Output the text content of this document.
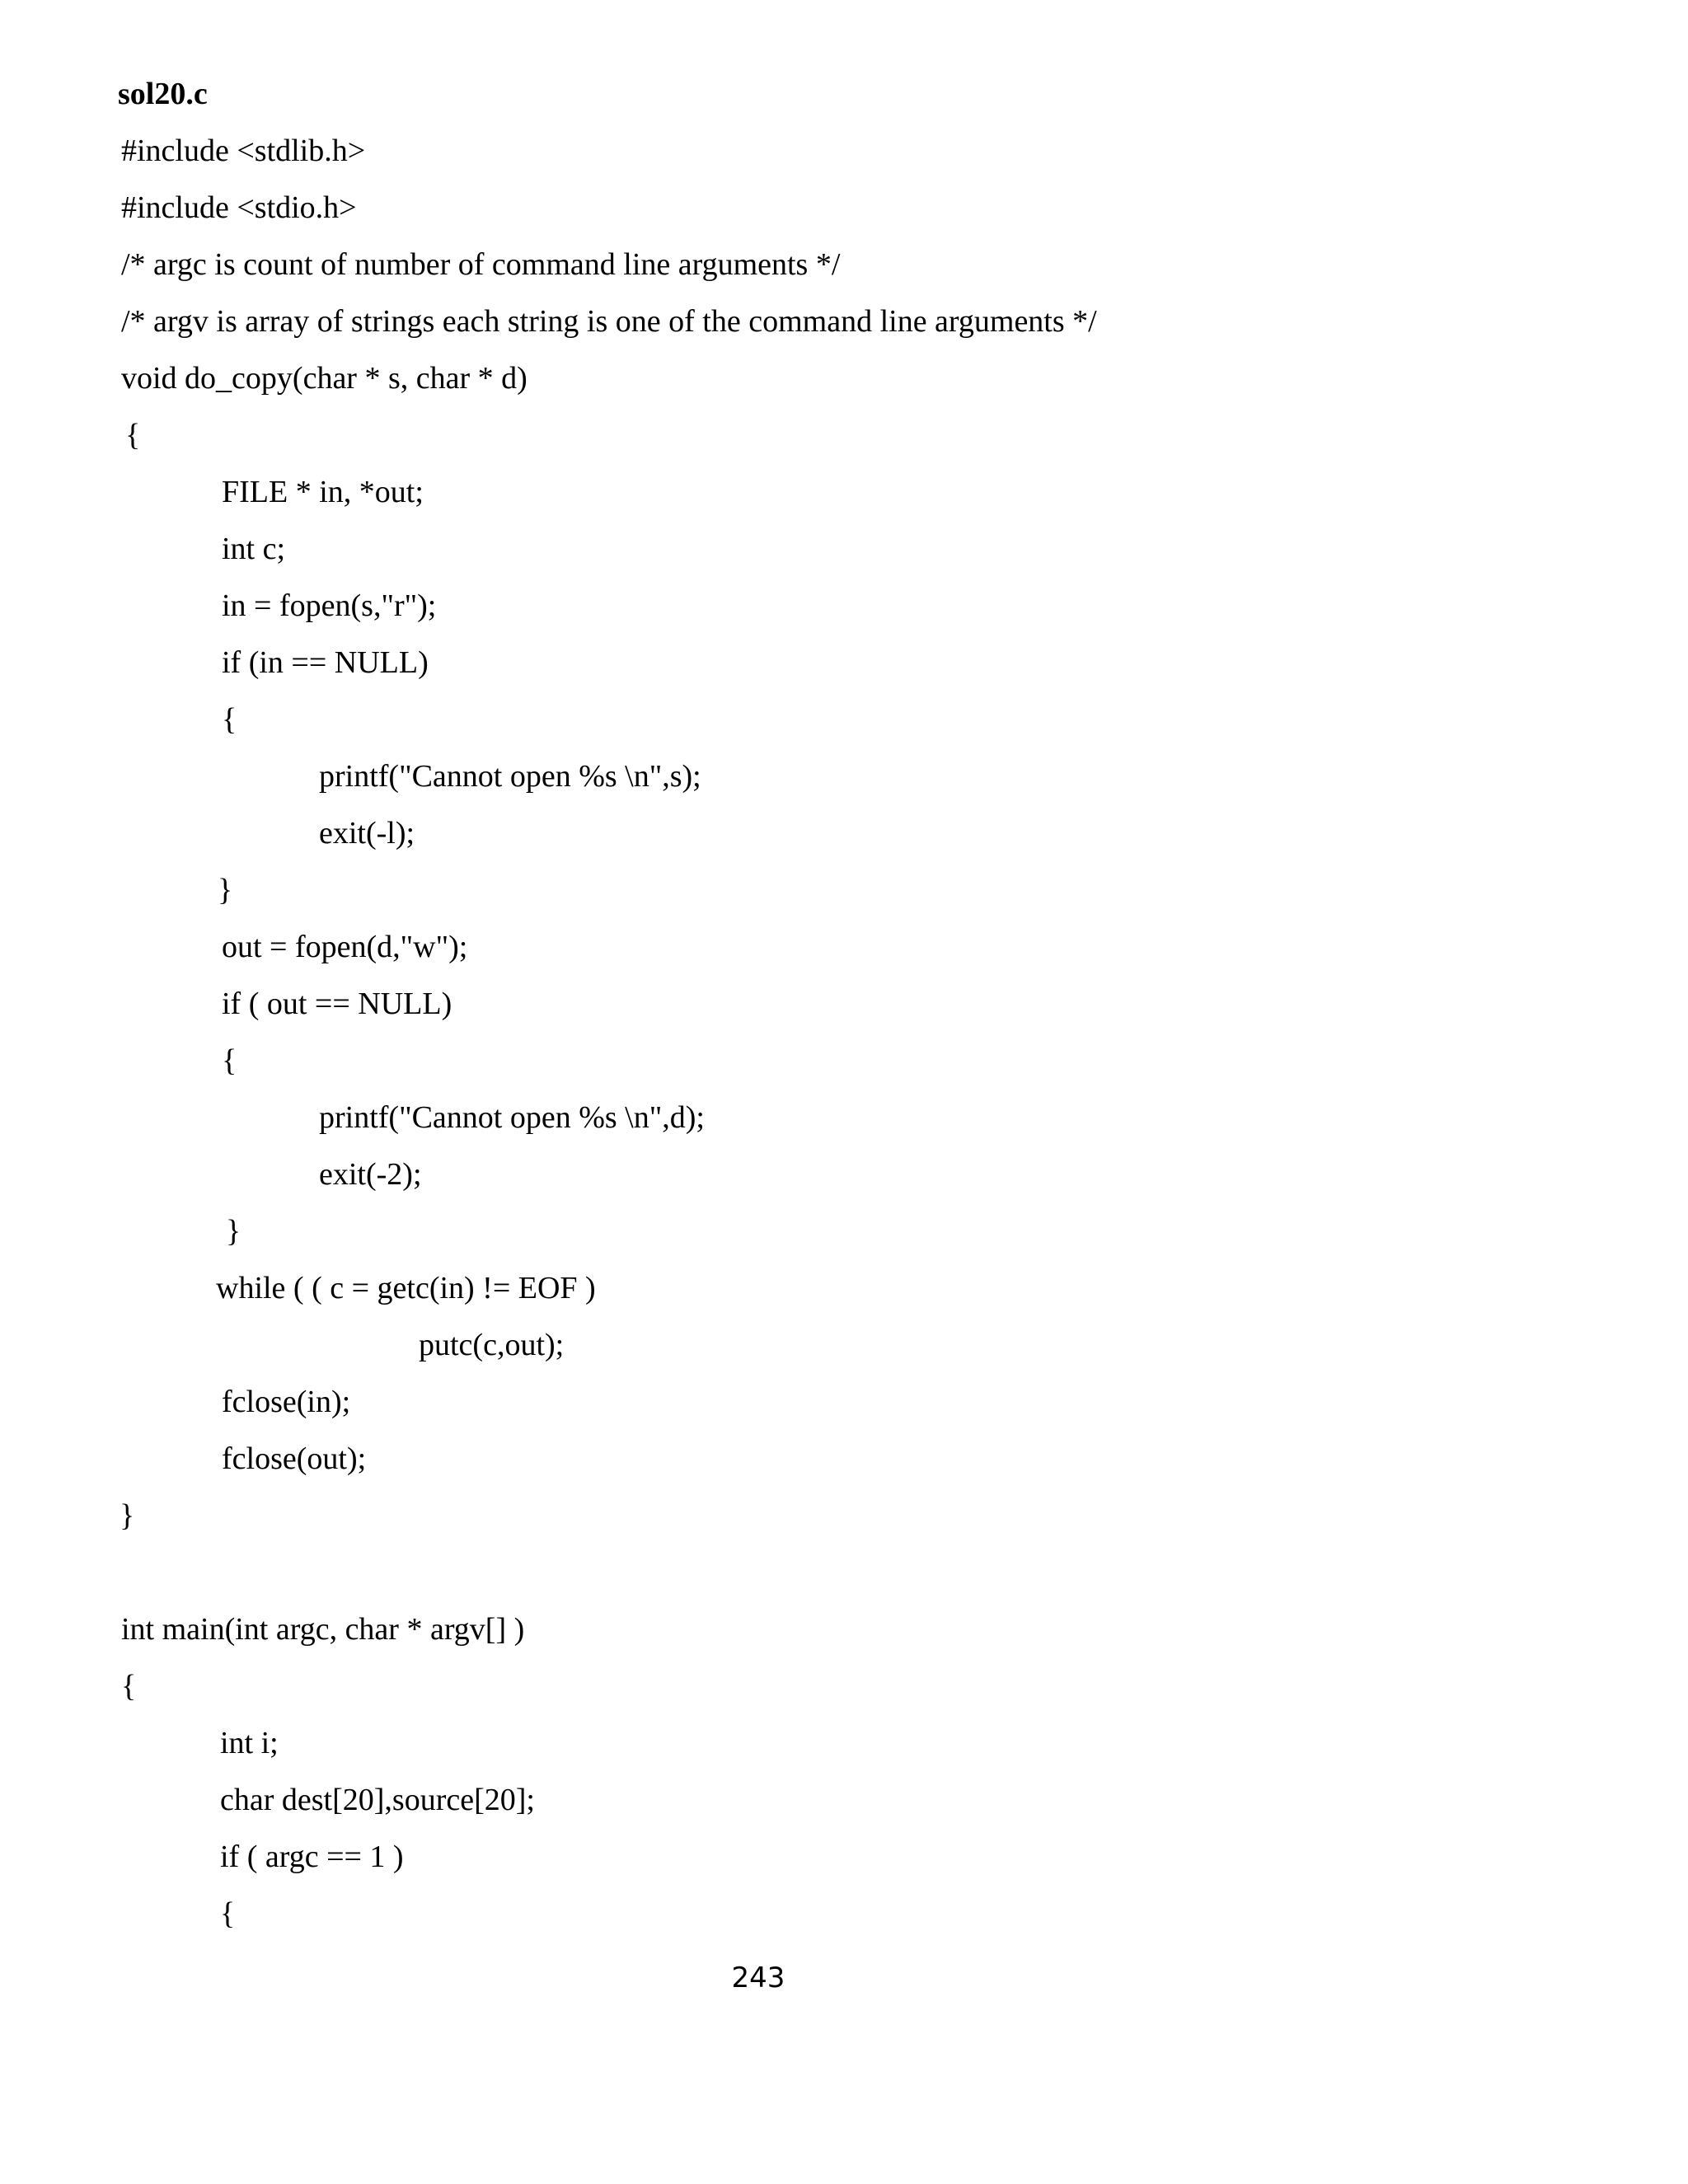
sol20.c
#include <stdlib.h>
#include <stdio.h>
/* argc is count of number of command line arguments */
/* argv is array of strings each string is one of the command line arguments */
void do_copy(char * s, char * d)
{
FILE * in, *out;
int c;
in = fopen(s,"r");
if (in == NULL)
{
printf("Cannot open %s \n",s);
exit(-l);
}
out = fopen(d,"w");
if ( out == NULL)
{
printf("Cannot open %s \n",d);
exit(-2);
}
while ( ( c = getc(in) != EOF )
putc(c,out);
fclose(in);
fclose(out);
}
int main(int argc, char * argv[] )
{
int i;
char dest[20],source[20];
if ( argc == 1 )
{
243
